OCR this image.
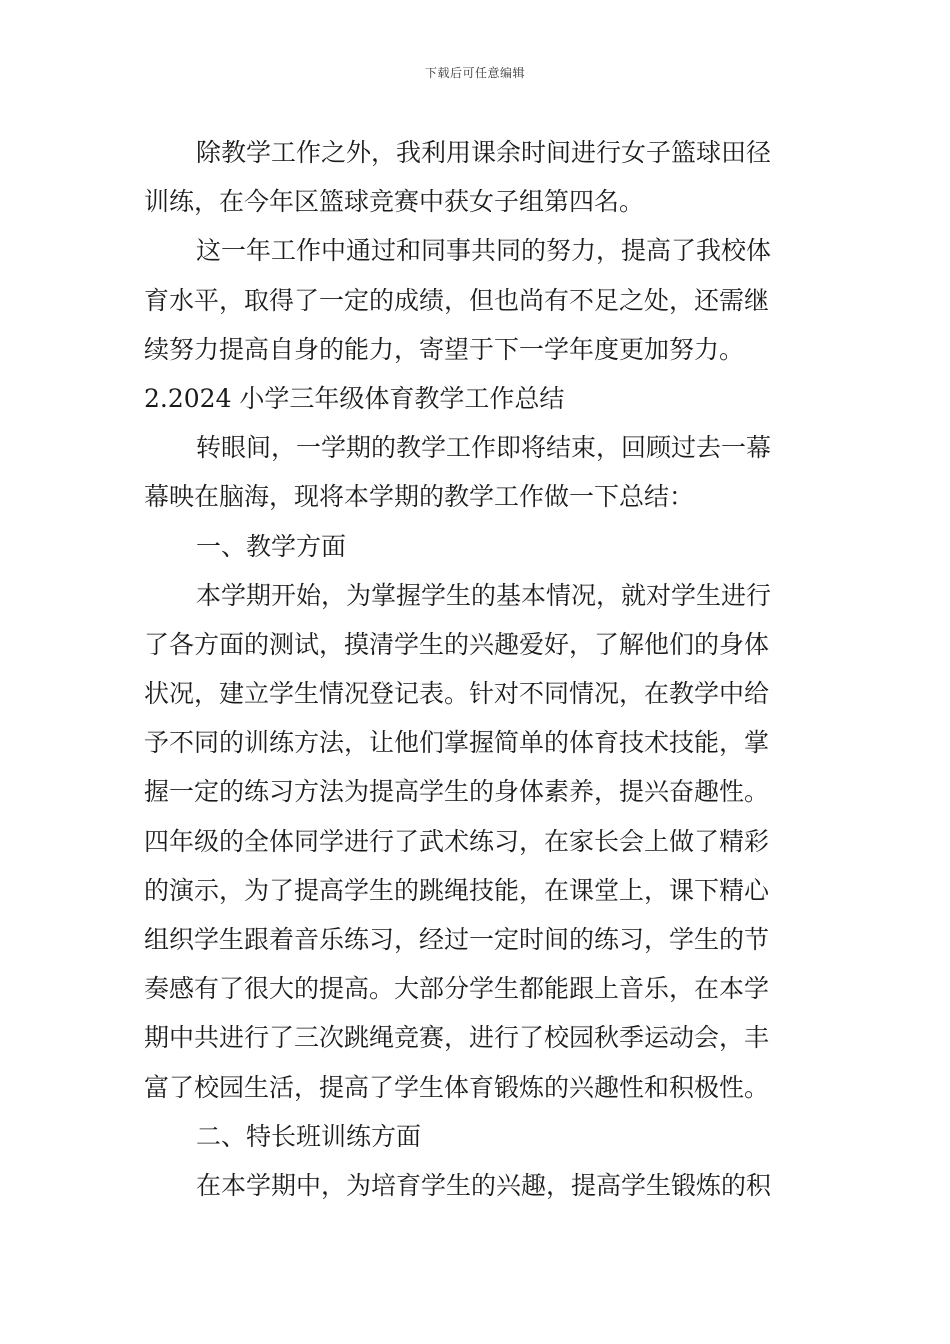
下载后可任意编辑
除教学工作之外，我利用课余时间进行女子篮球田径
训练，在今年区篮球竞赛中获女子组第四名。
这一年工作中通过和同事共同的努力，提高了我校体
育水平，取得了一定的成绩，但也尚有不足之处，还需继
续努力提高自身的能力，寄望于下一学年度更加努力。
2.2024 小学三年级体育教学工作总结
转眼间，一学期的教学工作即将结束，回顾过去一幕
幕映在脑海，现将本学期的教学工作做一下总结：
一、教学方面
本学期开始，为掌握学生的基本情况，就对学生进行
了各方面的测试，摸清学生的兴趣爱好，了解他们的身体
状况，建立学生情况登记表。针对不同情况，在教学中给
予不同的训练方法，让他们掌握简单的体育技术技能，掌
握一定的练习方法为提高学生的身体素养，提兴奋趣性。
四年级的全体同学进行了武术练习，在家长会上做了精彩
的演示，为了提高学生的跳绳技能，在课堂上，课下精心
组织学生跟着音乐练习，经过一定时间的练习，学生的节
奏感有了很大的提高。大部分学生都能跟上音乐，在本学
期中共进行了三次跳绳竞赛，进行了校园秋季运动会，丰
富了校园生活，提高了学生体育锻炼的兴趣性和积极性。
二、特长班训练方面
在本学期中，为培育学生的兴趣，提高学生锻炼的积
